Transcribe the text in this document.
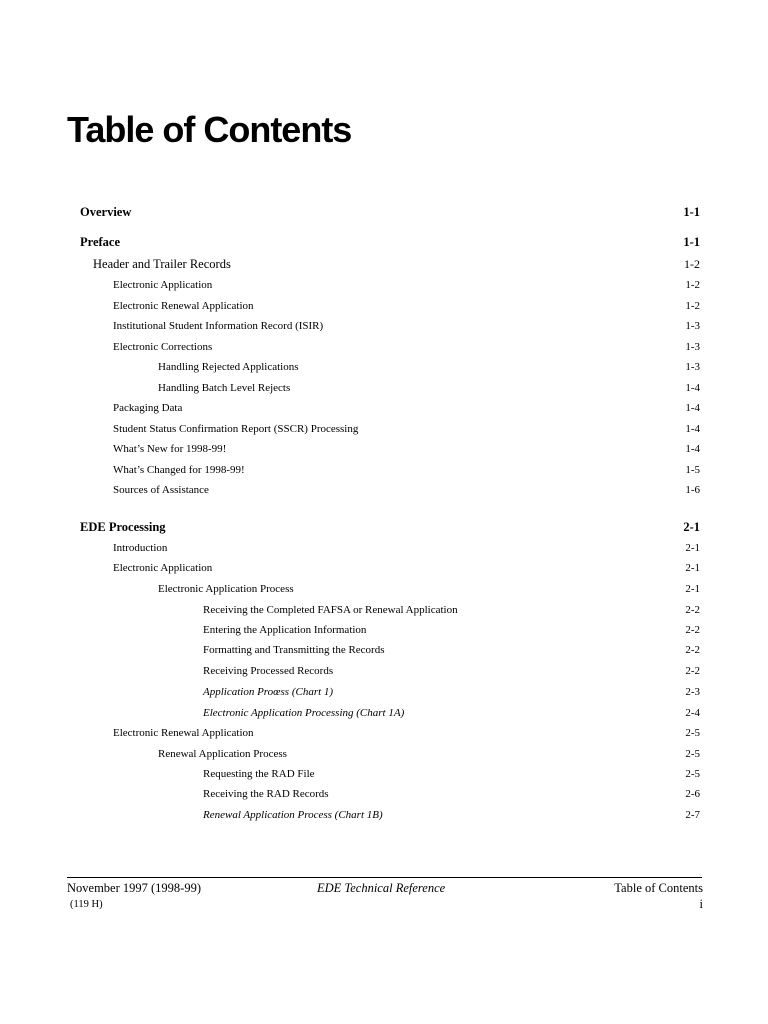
Table of Contents
Overview	1-1
Preface	1-1
Header and Trailer Records	1-2
Electronic Application	1-2
Electronic Renewal Application	1-2
Institutional Student Information Record (ISIR)	1-3
Electronic Corrections	1-3
Handling Rejected Applications	1-3
Handling Batch Level Rejects	1-4
Packaging Data	1-4
Student Status Confirmation Report (SSCR) Processing	1-4
What’s New for 1998-99!	1-4
What’s Changed for 1998-99!	1-5
Sources of Assistance	1-6
EDE Processing	2-1
Introduction	2-1
Electronic Application	2-1
Electronic Application Process	2-1
Receiving the Completed FAFSA or Renewal Application	2-2
Entering the Application Information	2-2
Formatting and Transmitting the Records	2-2
Receiving Processed Records	2-2
Application Proœss (Chart 1)	2-3
Electronic Application Processing (Chart 1A)	2-4
Electronic Renewal Application	2-5
Renewal Application Process	2-5
Requesting the RAD File	2-5
Receiving the RAD Records	2-6
Renewal Application Process (Chart 1B)	2-7
November 1997 (1998-99)	EDE Technical Reference	Table of Contents
(119 H)	i
